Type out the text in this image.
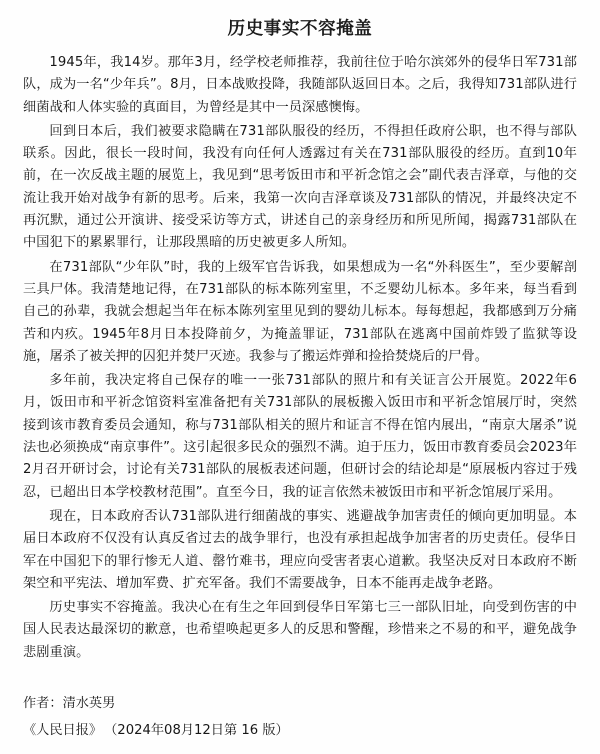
历史事实不容掩盖

1945年，我14岁。那年3月，经学校老师推荐，我前往位于哈尔滨郊外的侵华日军731部队，成为一名“少年兵”。8月，日本战败投降，我随部队返回日本。之后，我得知731部队进行细菌战和人体实验的真面目，为曾经是其中一员深感懊悔。

回到日本后，我们被要求隐瞒在731部队服役的经历，不得担任政府公职，也不得与部队联系。因此，很长一段时间，我没有向任何人透露过有关在731部队服役的经历。直到10年前，在一次反战主题的展览上，我见到“思考饭田市和平祈念馆之会”副代表吉泽章，与他的交流让我开始对战争有新的思考。后来，我第一次向吉泽章谈及731部队的情况，并最终决定不再沉默，通过公开演讲、接受采访等方式，讲述自己的亲身经历和所见所闻，揭露731部队在中国犯下的累累罪行，让那段黑暗的历史被更多人所知。

在731部队“少年队”时，我的上级军官告诉我，如果想成为一名“外科医生”，至少要解剖三具尸体。我清楚地记得，在731部队的标本陈列室里，不乏婴幼儿标本。多年来，每当看到自己的孙辈，我就会想起当年在标本陈列室里见到的婴幼儿标本。每每想起，我都感到万分痛苦和内疚。1945年8月日本投降前夕，为掩盖罪证，731部队在逃离中国前炸毁了监狱等设施，屠杀了被关押的囚犯并焚尸灭迹。我参与了搬运炸弹和捡拾焚烧后的尸骨。

多年前，我决定将自己保存的唯一一张731部队的照片和有关证言公开展览。2022年6月，饭田市和平祈念馆资料室准备把有关731部队的展板搬入饭田市和平祈念馆展厅时，突然接到该市教育委员会通知，称与731部队相关的照片和证言不得在馆内展出，“南京大屠杀”说法也必须换成“南京事件”。这引起很多民众的强烈不满。迫于压力，饭田市教育委员会2023年2月召开研讨会，讨论有关731部队的展板表述问题，但研讨会的结论却是“原展板内容过于残忍，已超出日本学校教材范围”。直至今日，我的证言依然未被饭田市和平祈念馆展厅采用。

现在，日本政府否认731部队进行细菌战的事实、逃避战争加害责任的倾向更加明显。本届日本政府不仅没有认真反省过去的战争罪行，也没有承担起战争加害者的历史责任。侵华日军在中国犯下的罪行惨无人道、罄竹难书，理应向受害者衷心道歉。我坚决反对日本政府不断架空和平宪法、增加军费、扩充军备。我们不需要战争，日本不能再走战争老路。

历史事实不容掩盖。我决心在有生之年回到侵华日军第七三一部队旧址，向受到伤害的中国人民表达最深切的歉意，也希望唤起更多人的反思和警醒，珍惜来之不易的和平，避免战争悲剧重演。

作者：清水英男
《人民日报》 （2024年08月12日第 16 版）
